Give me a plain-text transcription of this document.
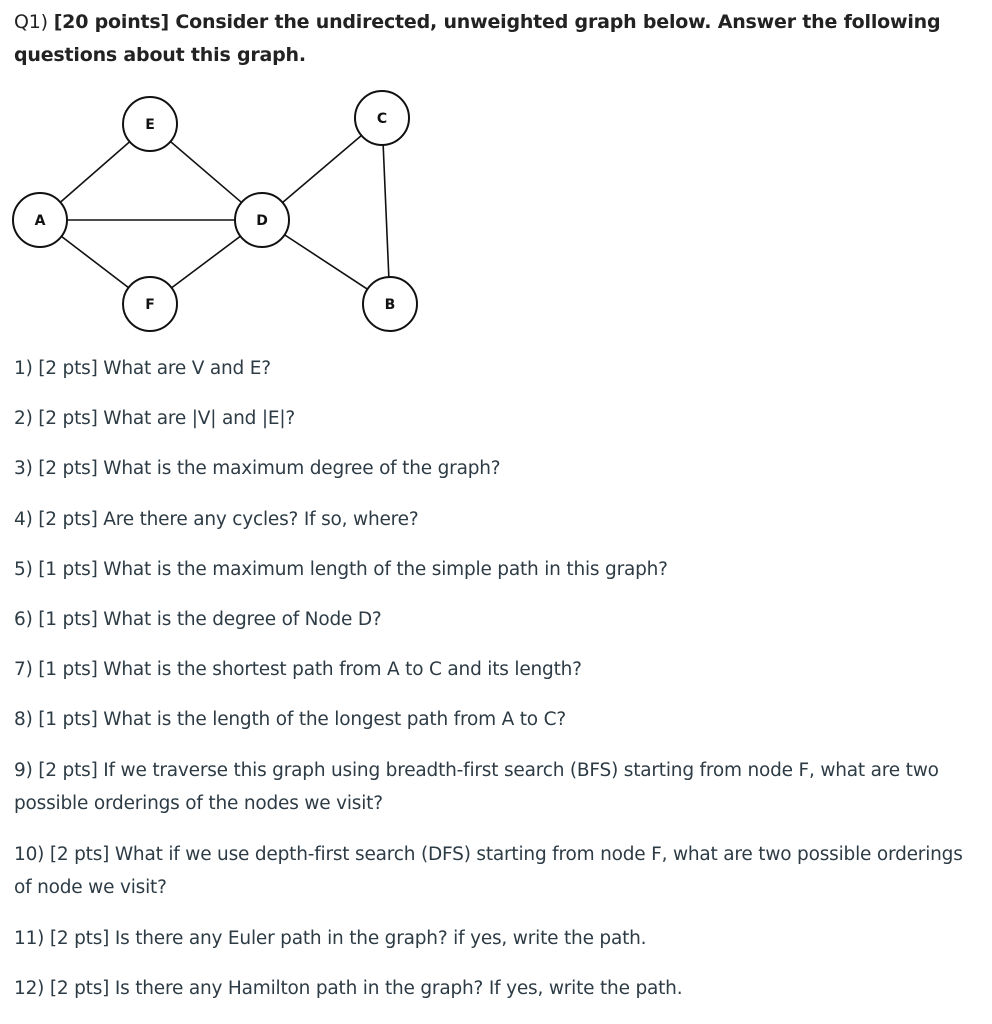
Q1) [20 points] Consider the undirected, unweighted graph below. Answer the following questions about this graph.
E	C
A	D
F	B
1) [2 pts] What are V and E?
2) [2 pts] What are |V| and |E|?
3) [2 pts] What is the maximum degree of the graph?
4) [2 pts] Are there any cycles? If so, where?
5) [1 pts] What is the maximum length of the simple path in this graph?
6) [1 pts] What is the degree of Node D?
7) [1 pts] What is the shortest path from A to C and its length?
8) [1 pts] What is the length of the longest path from A to C?
9) [2 pts] If we traverse this graph using breadth-first search (BFS) starting from node F, what are two possible orderings of the nodes we visit?
10) [2 pts] What if we use depth-first search (DFS) starting from node F, what are two possible orderings of node we visit?
11) [2 pts] Is there any Euler path in the graph? if yes, write the path.
12) [2 pts] Is there any Hamilton path in the graph? If yes, write the path.
